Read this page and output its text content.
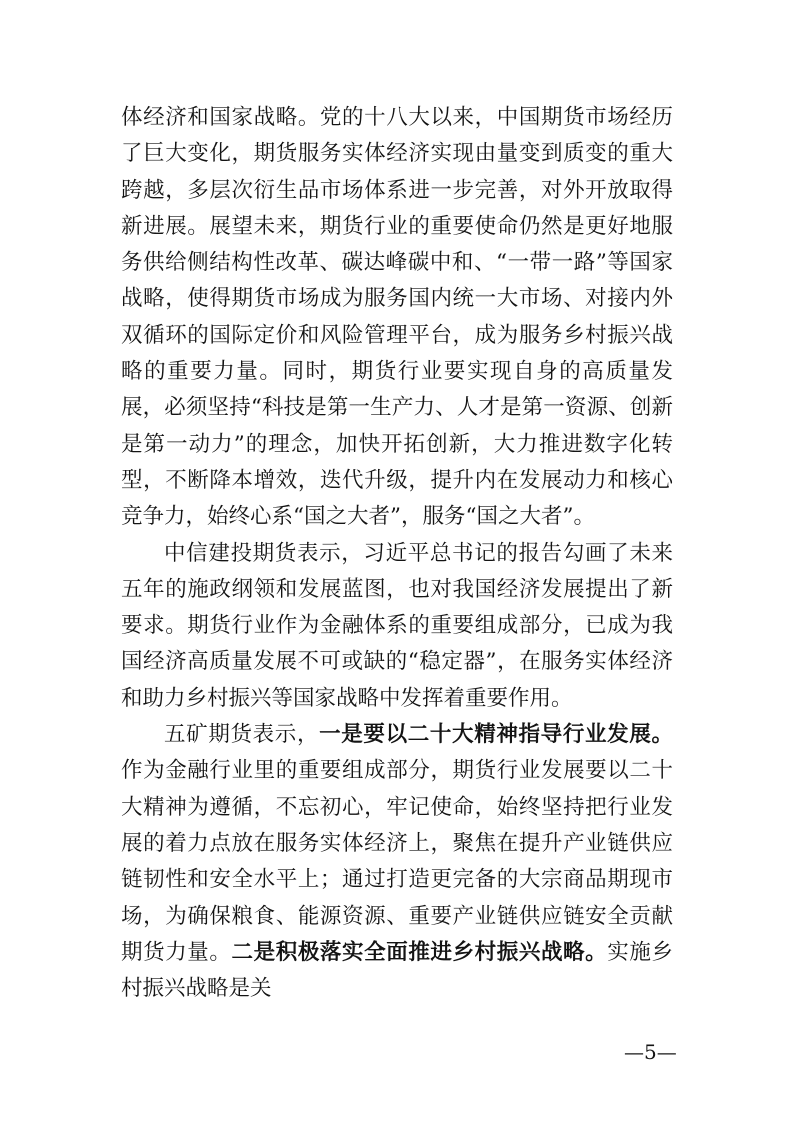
体经济和国家战略。党的十八大以来，中国期货市场经历了巨大变化，期货服务实体经济实现由量变到质变的重大跨越，多层次衍生品市场体系进一步完善，对外开放取得新进展。展望未来，期货行业的重要使命仍然是更好地服务供给侧结构性改革、碳达峰碳中和、“一带一路”等国家战略，使得期货市场成为服务国内统一大市场、对接内外双循环的国际定价和风险管理平台，成为服务乡村振兴战略的重要力量。同时，期货行业要实现自身的高质量发展，必须坚持“科技是第一生产力、人才是第一资源、创新是第一动力”的理念，加快开拓创新，大力推进数字化转型，不断降本增效，迭代升级，提升内在发展动力和核心竞争力，始终心系“国之大者”，服务“国之大者”。

中信建投期货表示，习近平总书记的报告勾画了未来五年的施政纲领和发展蓝图，也对我国经济发展提出了新要求。期货行业作为金融体系的重要组成部分，已成为我国经济高质量发展不可或缺的“稳定器”，在服务实体经济和助力乡村振兴等国家战略中发挥着重要作用。

五矿期货表示，一是要以二十大精神指导行业发展。作为金融行业里的重要组成部分，期货行业发展要以二十大精神为遵循，不忘初心，牢记使命，始终坚持把行业发展的着力点放在服务实体经济上，聚焦在提升产业链供应链韧性和安全水平上；通过打造更完备的大宗商品期现市场，为确保粮食、能源资源、重要产业链供应链安全贡献期货力量。二是积极落实全面推进乡村振兴战略。实施乡村振兴战略是关

—5—
